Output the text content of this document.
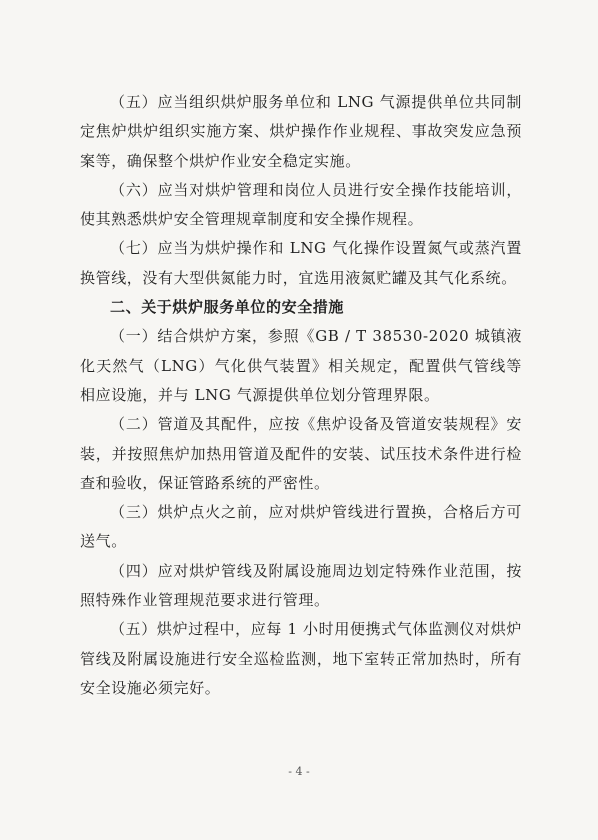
（五）应当组织烘炉服务单位和 LNG 气源提供单位共同制定焦炉烘炉组织实施方案、烘炉操作作业规程、事故突发应急预案等，确保整个烘炉作业安全稳定实施。

（六）应当对烘炉管理和岗位人员进行安全操作技能培训，使其熟悉烘炉安全管理规章制度和安全操作规程。

（七）应当为烘炉操作和 LNG 气化操作设置氮气或蒸汽置换管线，没有大型供氮能力时，宜选用液氮贮罐及其气化系统。

二、关于烘炉服务单位的安全措施

（一）结合烘炉方案，参照《GB / T 38530-2020 城镇液化天然气（LNG）气化供气装置》相关规定，配置供气管线等相应设施，并与 LNG 气源提供单位划分管理界限。

（二）管道及其配件，应按《焦炉设备及管道安装规程》安装，并按照焦炉加热用管道及配件的安装、试压技术条件进行检查和验收，保证管路系统的严密性。

（三）烘炉点火之前，应对烘炉管线进行置换，合格后方可送气。

（四）应对烘炉管线及附属设施周边划定特殊作业范围，按照特殊作业管理规范要求进行管理。

（五）烘炉过程中，应每 1 小时用便携式气体监测仪对烘炉管线及附属设施进行安全巡检监测，地下室转正常加热时，所有安全设施必须完好。

- 4 -
